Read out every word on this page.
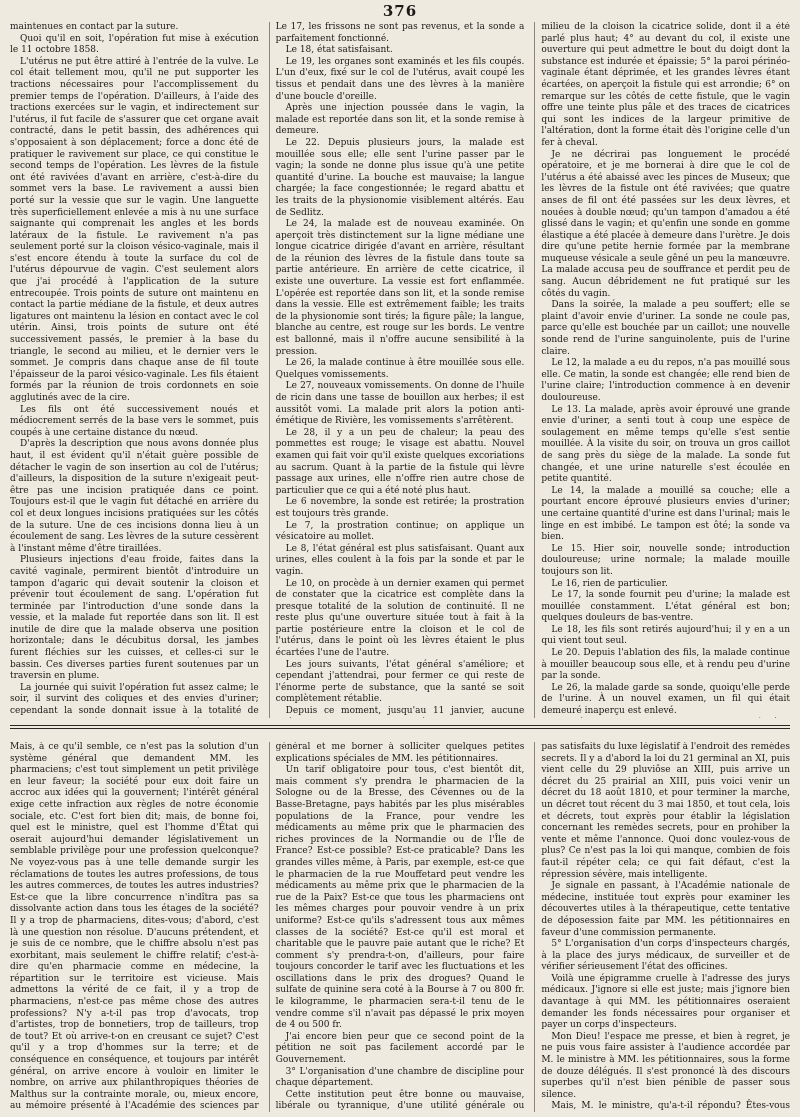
376

maintenues en contact par la suture.

Quoi qu'il en soit, l'opération fut mise à exécution le 11 octobre 1858.

L'utérus ne put être attiré à l'entrée de la vulve. Le col était tellement mou, qu'il ne put supporter les tractions nécessaires pour l'accomplissement du premier temps de l'opération. D'ailleurs, à l'aide des tractions exercées sur le vagin, et indirectement sur l'utérus, il fut facile de s'assurer que cet organe avait contracté, dans le petit bassin, des adhérences qui s'opposaient à son déplacement; force a donc été de pratiquer le ravivement sur place, ce qui constitue le second temps de l'opération. Les lèvres de la fistule ont été ravivées d'avant en arrière, c'est-à-dire du sommet vers la base. Le ravivement a aussi bien porté sur la vessie que sur le vagin. Une languette très superficiellement enlevée a mis à nu une surface saignante qui comprenait les angles et les bords latéraux de la fistule. Le ravivement n'a pas seulement porté sur la cloison vésico-vaginale, mais il s'est encore étendu à toute la surface du col de l'utérus dépourvue de vagin. C'est seulement alors que j'ai procédé à l'application de la suture entrecoupée. Trois points de suture ont maintenu en contact la partie médiane de la fistule, et deux autres ligatures ont maintenu la lésion en contact avec le col utérin. Ainsi, trois points de suture ont été successivement passés, le premier à la base du triangle, le second au milieu, et le dernier vers le sommet. Je compris dans chaque anse de fil toute l'épaisseur de la paroi vésico-vaginale. Les fils étaient formés par la réunion de trois cordonnets en soie agglutinés avec de la cire.

Les fils ont été successivement noués et médiocrement serrés de la base vers le sommet, puis coupés à une certaine distance du nœud.

D'après la description que nous avons donnée plus haut, il est évident qu'il n'était guère possible de détacher le vagin de son insertion au col de l'utérus; d'ailleurs, la disposition de la suture n'exigeait peut-être pas une incision pratiquée dans ce point. Toujours est-il que le vagin fut détaché en arrière du col et deux longues incisions pratiquées sur les côtés de la suture. Une de ces incisions donna lieu à un écoulement de sang. Les lèvres de la suture cessèrent à l'instant même d'être tiraillées.

Plusieurs injections d'eau froide, faites dans la cavité vaginale, permirent bientôt d'introduire un tampon d'agaric qui devait soutenir la cloison et prévenir tout écoulement de sang. L'opération fut terminée par l'introduction d'une sonde dans la vessie, et la malade fut reportée dans son lit. Il est inutile de dire que la malade observa une position horizontale; dans le décubitus dorsal, les jambes furent fléchies sur les cuisses, et celles-ci sur le bassin. Ces diverses parties furent soutenues par un traversin en plume.

La journée qui suivit l'opération fut assez calme; le soir, il survint des coliques et des envies d'uriner; cependant la sonde donnait issue à la totalité de

Le 17, les frissons ne sont pas revenus, et la sonde a parfaitement fonctionné.

Le 18, état satisfaisant.

Le 19, les organes sont examinés et les fils coupés. L'un d'eux, fixé sur le col de l'utérus, avait coupé les tissus et pendait dans une des lèvres à la manière d'une boucle d'oreille.

Après une injection poussée dans le vagin, la malade est reportée dans son lit, et la sonde remise à demeure.

Le 22. Depuis plusieurs jours, la malade est mouillée sous elle; elle sent l'urine passer par le vagin; la sonde ne donne plus issue qu'à une petite quantité d'urine. La bouche est mauvaise; la langue chargée; la face congestionnée; le regard abattu et les traits de la physionomie visiblement altérés. Eau de Sedlitz.

Le 24, la malade est de nouveau examinée. On aperçoit très distinctement sur la ligne médiane une longue cicatrice dirigée d'avant en arrière, résultant de la réunion des lèvres de la fistule dans toute sa partie antérieure. En arrière de cette cicatrice, il existe une ouverture. La vessie est fort enflammée. L'opérée est reportée dans son lit, et la sonde remise dans la vessie. Elle est extrêmement faible; les traits de la physionomie sont tirés; la figure pâle; la langue, blanche au centre, est rouge sur les bords. Le ventre est ballonné, mais il n'offre aucune sensibilité à la pression.

Le 26, la malade continue à être mouillée sous elle. Quelques vomissements.

Le 27, nouveaux vomissements. On donne de l'huile de ricin dans une tasse de bouillon aux herbes; il est aussitôt vomi. La malade prit alors la potion anti-émétique de Rivière, les vomissements s'arrêtèrent.

Le 28, il y a un peu de chaleur; la peau des pommettes est rouge; le visage est abattu. Nouvel examen qui fait voir qu'il existe quelques excoriations au sacrum. Quant à la partie de la fistule qui lèvre passage aux urines, elle n'offre rien autre chose de particulier que ce qui a été noté plus haut.

Le 6 novembre, la sonde est retirée; la prostration est toujours très grande.

Le 7, la prostration continue; on applique un vésicatoire au mollet.

Le 8, l'état général est plus satisfaisant. Quant aux urines, elles coulent à la fois par la sonde et par le vagin.

Le 10, on procède à un dernier examen qui permet de constater que la cicatrice est complète dans la presque totalité de la solution de continuité. Il ne reste plus qu'une ouverture située tout à fait à la partie postérieure entre la cloison et le col de l'utérus, dans le point où les lèvres étaient le plus écartées l'une de l'autre.

Les jours suivants, l'état général s'améliore; et cependant j'attendrai, pour fermer ce qui reste de l'énorme perte de substance, que la santé se soit complètement rétablie.

Depuis ce moment, jusqu'au 11 janvier, aucune

milieu de la cloison la cicatrice solide, dont il a été parlé plus haut; 4° au devant du col, il existe une ouverture qui peut admettre le bout du doigt dont la substance est indurée et épaissie; 5° la paroi périnéo-vaginale étant déprimée, et les grandes lèvres étant écartées, on aperçoit la fistule qui est arrondie; 6° on remarque sur les côtés de cette fistule, que le vagin offre une teinte plus pâle et des traces de cicatrices qui sont les indices de la largeur primitive de l'altération, dont la forme était dès l'origine celle d'un fer à cheval.

Je ne décrirai pas longuement le procédé opératoire, et je me bornerai à dire que le col de l'utérus a été abaissé avec les pinces de Museux; que les lèvres de la fistule ont été ravivées; que quatre anses de fil ont été passées sur les deux lèvres, et nouées à double nœud; qu'un tampon d'amadou a été glissé dans le vagin; et qu'enfin une sonde en gomme élastique a été placée à demeure dans l'urètre. Je dois dire qu'une petite hernie formée par la membrane muqueuse vésicale a seule gêné un peu la manœuvre. La malade accusa peu de souffrance et perdit peu de sang. Aucun débridement ne fut pratiqué sur les côtés du vagin.

Dans la soirée, la malade a peu souffert; elle se plaint d'avoir envie d'uriner. La sonde ne coule pas, parce qu'elle est bouchée par un caillot; une nouvelle sonde rend de l'urine sanguinolente, puis de l'urine claire.

Le 12, la malade a eu du repos, n'a pas mouillé sous elle. Ce matin, la sonde est changée; elle rend bien de l'urine claire; l'introduction commence à en devenir douloureuse.

Le 13. La malade, après avoir éprouvé une grande envie d'uriner, a senti tout à coup une espèce de soulagement en même temps qu'elle s'est sentie mouillée. À la visite du soir, on trouva un gros caillot de sang près du siège de la malade. La sonde fut changée, et une urine naturelle s'est écoulée en petite quantité.

Le 14, la malade a mouillé sa couche; elle a pourtant encore éprouvé plusieurs envies d'uriner; une certaine quantité d'urine est dans l'urinal; mais le linge en est imbibé. Le tampon est ôté; la sonde va bien.

Le 15. Hier soir, nouvelle sonde; introduction douloureuse; urine normale; la malade mouille toujours son lit.

Le 16, rien de particulier.

Le 17, la sonde fournit peu d'urine; la malade est mouillée constamment. L'état général est bon; quelques douleurs de bas-ventre.

Le 18, les fils sont retirés aujourd'hui; il y en a un qui vient tout seul.

Le 20. Depuis l'ablation des fils, la malade continue à mouiller beaucoup sous elle, et à rendu peu d'urine par la sonde.

Le 26, la malade garde sa sonde, quoiqu'elle perde de l'urine. À un nouvel examen, un fil qui était demeuré inaperçu est enlevé.

Mais, à ce qu'il semble, ce n'est pas la solution d'un système général que demandent MM. les pharmaciens; c'est tout simplement un petit privilège en leur faveur; la société pour eux doit faire un accroc aux idées qui la gouvernent; l'intérêt général exige cette infraction aux règles de notre économie sociale, etc. C'est fort bien dit; mais, de bonne foi, quel est le ministre, quel est l'homme d'État qui oserait aujourd'hui demander législativement un semblable privilège pour une profession quelconque? Ne voyez-vous pas à une telle demande surgir les réclamations de toutes les autres professions, de tous les autres commerces, de toutes les autres industries? Est-ce que la libre concurrence n'indîtra pas sa dissolvante action dans tous les étages de la société? Il y a trop de pharmaciens, dites-vous; d'abord, c'est là une question non résolue. D'aucuns prétendent, et je suis de ce nombre, que le chiffre absolu n'est pas exorbitant, mais seulement le chiffre relatif; c'est-à-dire qu'en pharmacie comme en médecine, la répartition sur le territoire est vicieuse. Mais admettons la vérité de ce fait, il y a trop de pharmaciens, n'est-ce pas même chose des autres professions? N'y a-t-il pas trop d'avocats, trop d'artistes, trop de bonnetiers, trop de tailleurs, trop de tout? Et où arrive-t-on en creusant ce sujet? C'est qu'il y a trop d'hommes sur la terre; et de conséquence en conséquence, et toujours par intérêt général, on arrive encore à vouloir en limiter le nombre, on arrive aux philanthropiques théories de Malthus sur la contrainte morale, ou, mieux encore, au mémoire présenté à l'Académie des sciences par

général et me borner à solliciter quelques petites explications spéciales de MM. les pétitionnaires.

Un tarif obligatoire pour tous, c'est bientôt dit, mais comment s'y prendra le pharmacien de la Sologne ou de la Bresse, des Cévennes ou de la Basse-Bretagne, pays habités par les plus misérables populations de la France, pour vendre les médicaments au même prix que le pharmacien des riches provinces de la Normandie ou de l'Île de France? Est-ce possible? Est-ce praticable? Dans les grandes villes même, à Paris, par exemple, est-ce que le pharmacien de la rue Mouffetard peut vendre les médicaments au même prix que le pharmacien de la rue de la Paix? Est-ce que tous les pharmaciens ont les mêmes charges pour pouvoir vendre à un prix uniforme? Est-ce qu'ils s'adressent tous aux mêmes classes de la société? Est-ce qu'il est moral et charitable que le pauvre paie autant que le riche? Et comment s'y prendra-t-on, d'ailleurs, pour faire toujours concorder le tarif avec les fluctuations et les oscillations dans le prix des drogues? Quand le sulfate de quinine sera coté à la Bourse à 7 ou 800 fr. le kilogramme, le pharmacien sera-t-il tenu de le vendre comme s'il n'avait pas dépassé le prix moyen de 4 ou 500 fr.

J'ai encore bien peur que ce second point de la pétition ne soit pas facilement accordé par le Gouvernement.

3° L'organisation d'une chambre de discipline pour chaque département.

Cette institution peut être bonne ou mauvaise, libérale ou tyrannique, d'une utilité générale ou

pas satisfaits du luxe législatif à l'endroit des remèdes secrets. Il y a d'abord la loi du 21 germinal an XI, puis vient celle du 29 pluviôse an XIII, puis arrive un décret du 25 prairial an XIII, puis voici venir un décret du 18 août 1810, et pour terminer la marche, un décret tout récent du 3 mai 1850, et tout cela, lois et décrets, tout exprès pour établir la législation concernant les remèdes secrets, pour en prohiber la vente et même l'annonce. Quoi donc voulez-vous de plus? Ce n'est pas la loi qui manque, combien de fois faut-il répéter cela; ce qui fait défaut, c'est la répression sévère, mais intelligente.

Je signale en passant, à l'Académie nationale de médecine, instituée tout exprès pour examiner les découvertes utiles à la thérapeutique, cette tentative de déposession faite par MM. les pétitionnaires en faveur d'une commission permanente.

5° L'organisation d'un corps d'inspecteurs chargés, à la place des jurys médicaux, de surveiller et de vérifier sérieusement l'état des officines.

Voilà une épigramme cruelle à l'adresse des jurys médicaux. J'ignore si elle est juste; mais j'ignore bien davantage à qui MM. les pétitionnaires oseraient demander les fonds nécessaires pour organiser et payer un corps d'inspecteurs.

Mon Dieu! l'espace me presse, et bien à regret, je ne puis vous faire assister à l'audience accordée par M. le ministre à MM. les pétitionnaires, sous la forme de douze délégués. Il s'est prononcé là des discours superbes qu'il n'est bien pénible de passer sous silence.

Mais, M. le ministre, qu'a-t-il répondu? Êtes-vous
